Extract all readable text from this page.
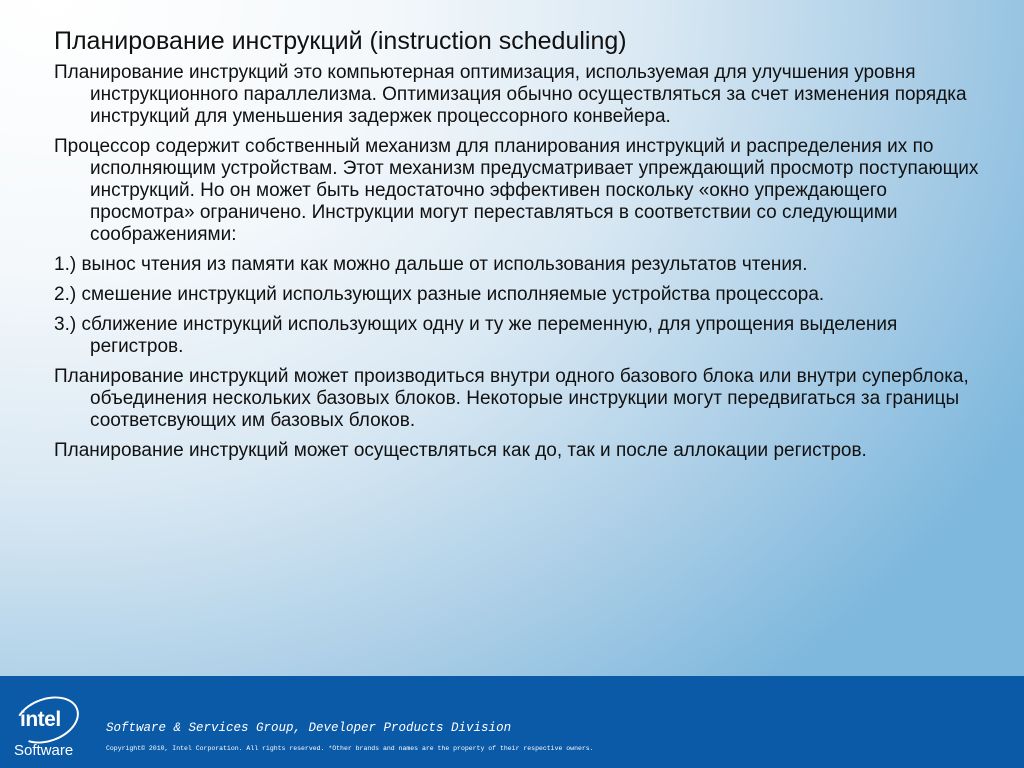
Планирование инструкций (instruction scheduling)
Планирование инструкций это компьютерная оптимизация, используемая для улучшения уровня инструкционного параллелизма. Оптимизация обычно осуществляться за счет изменения порядка инструкций для уменьшения задержек процессорного конвейера.
Процессор содержит собственный механизм для планирования инструкций и распределения их по исполняющим устройствам. Этот механизм предусматривает упреждающий просмотр поступающих инструкций. Но он может быть недостаточно эффективен поскольку «окно упреждающего просмотра» ограничено. Инструкции могут переставляться в соответствии со следующими соображениями:
1.) вынос чтения из памяти как можно дальше от использования результатов чтения.
2.) смешение инструкций использующих разные исполняемые устройства процессора.
3.) сближение инструкций использующих одну и ту же переменную, для упрощения выделения регистров.
Планирование инструкций может производиться внутри одного базового блока или внутри суперблока, объединения нескольких базовых блоков. Некоторые инструкции могут передвигаться за границы соответсвующих им базовых блоков.
Планирование инструкций может осуществляться как до, так и после аллокации регистров.
intel
Software
Software & Services Group, Developer Products Division
Copyright© 2010, Intel Corporation. All rights reserved. *Other brands and names are the property of their respective owners.
